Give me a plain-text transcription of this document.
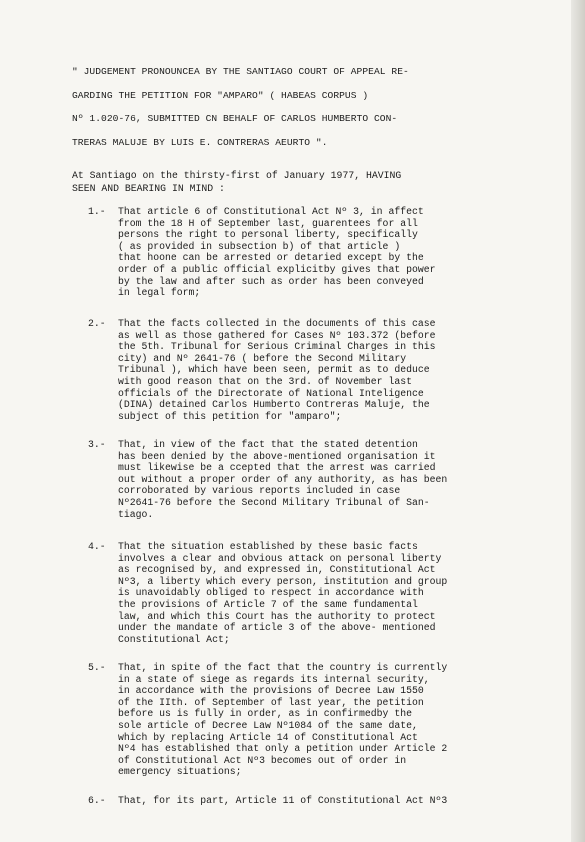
" JUDGEMENT PRONOUNCEA BY THE SANTIAGO COURT OF APPEAL RE-
GARDING THE PETITION FOR "AMPARO" ( HABEAS CORPUS )
Nº 1.020-76, SUBMITTED CN BEHALF OF CARLOS HUMBERTO CON-
TRERAS MALUJE BY LUIS E. CONTRERAS AEURTO ".
At Santiago on the thirsty-first of January 1977, HAVING
SEEN AND BEARING IN MIND :
1.-	That article 6 of Constitutional Act Nº 3, in affect
from the 18 H of September last, guarentees for all
persons the right to personal liberty, specifically
( as provided in subsection b) of that article )
that hoone can be arrested or detaried except by the
order of a public official explicitby gives that power
by the law and after such as order has been conveyed
in legal form;
2.-	That the facts collected in the documents of this case
as well as those gathered for Cases Nº 103.372 (before
the 5th. Tribunal for Serious Criminal Charges in this
city) and Nº 2641-76 ( before the Second Military
Tribunal ), which have been seen, permit as to deduce
with good reason that on the 3rd. of November last
officials of the Directorate of National Inteligence
(DINA) detained Carlos Humberto Contreras Maluje, the
subject of this petition for "amparo";
3.-	That, in view of the fact that the stated detention
has been denied by the above-mentioned organisation it
must likewise be a ccepted that the arrest was carried
out without a proper order of any authority, as has been
corroborated by various reports included in case
Nº2641-76 before the Second Military Tribunal of San-
tiago.
4.-	That the situation established by these basic facts
involves a clear and obvious attack on personal liberty
as recognised by, and expressed in, Constitutional Act
Nº3, a liberty which every person, institution and group
is unavoidably obliged to respect in accordance with
the provisions of Article 7 of the same fundamental
law, and which this Court has the authority to protect
under the mandate of article 3 of the above- mentioned
Constitutional Act;
5.-	That, in spite of the fact that the country is currently
in a state of siege as regards its internal security,
in accordance with the provisions of Decree Law 1550
of the IIth. of September of last year, the petition
before us is fully in order, as in confirmedby the
sole article of Decree Law Nº1084 of the same date,
which by replacing Article 14 of Constitutional Act
Nº4 has established that only a petition under Article 2
of Constitutional Act Nº3 becomes out of order in
emergency situations;
6.-	That, for its part, Article 11 of Constitutional Act Nº3
